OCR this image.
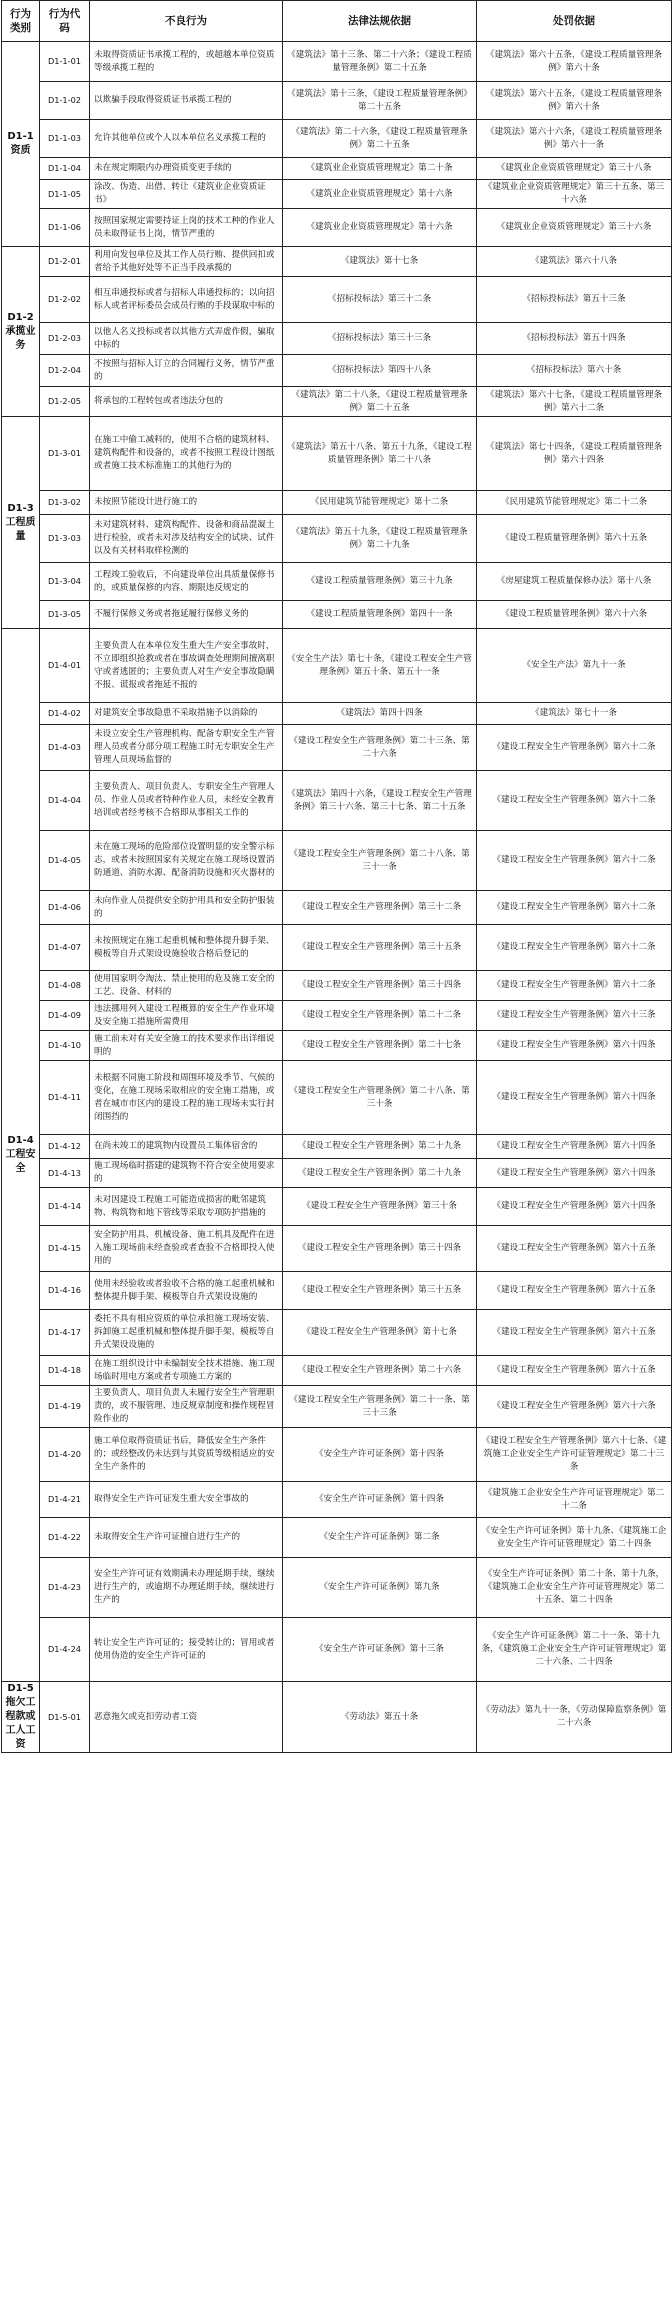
行为类别	行为代码	不良行为	法律法规依据	处罚依据
D1-1资质	D1-1-01	未取得资质证书承揽工程的，或超越本单位资质等级承揽工程的	《建筑法》第十三条、第二十六条；《建设工程质量管理条例》第二十五条	《建筑法》第六十五条，《建设工程质量管理条例》第六十条
	D1-1-02	以欺骗手段取得资质证书承揽工程的	《建筑法》第十三条，《建设工程质量管理条例》第二十五条	《建筑法》第六十五条，《建设工程质量管理条例》第六十条
	D1-1-03	允许其他单位或个人以本单位名义承揽工程的	《建筑法》第二十六条，《建设工程质量管理条例》第二十五条	《建筑法》第六十六条，《建设工程质量管理条例》第六十一条
	D1-1-04	未在规定期限内办理资质变更手续的	《建筑业企业资质管理规定》第二十条	《建筑业企业资质管理规定》第三十八条
	D1-1-05	涂改、伪造、出借、转让《建筑业企业资质证书》	《建筑业企业资质管理规定》第十六条	《建筑业企业资质管理规定》第三十五条、第三十六条
	D1-1-06	按照国家规定需要持证上岗的技术工种的作业人员未取得证书上岗，情节严重的	《建筑业企业资质管理规定》第十六条	《建筑业企业资质管理规定》第三十六条
D1-2承揽业务	D1-2-01	利用向发包单位及其工作人员行贿、提供回扣或者给予其他好处等不正当手段承揽的	《建筑法》第十七条	《建筑法》第六十八条
	D1-2-02	相互串通投标或者与招标人串通投标的；以向招标人或者评标委员会成员行贿的手段谋取中标的	《招标投标法》第三十二条	《招标投标法》第五十三条
	D1-2-03	以他人名义投标或者以其他方式弄虚作假，骗取中标的	《招标投标法》第三十三条	《招标投标法》第五十四条
	D1-2-04	不按照与招标人订立的合同履行义务，情节严重的	《招标投标法》第四十八条	《招标投标法》第六十条
	D1-2-05	将承包的工程转包或者违法分包的	《建筑法》第二十八条，《建设工程质量管理条例》第二十五条	《建筑法》第六十七条，《建设工程质量管理条例》第六十二条
D1-3工程质量	D1-3-01	在施工中偷工减料的，使用不合格的建筑材料、建筑构配件和设备的，或者不按照工程设计图纸或者施工技术标准施工的其他行为的	《建筑法》第五十八条、第五十九条，《建设工程质量管理条例》第二十八条	《建筑法》第七十四条，《建设工程质量管理条例》第六十四条
	D1-3-02	未按照节能设计进行施工的	《民用建筑节能管理规定》第十二条	《民用建筑节能管理规定》第二十二条
	D1-3-03	未对建筑材料、建筑构配件、设备和商品混凝土进行检验，或者未对涉及结构安全的试块、试件以及有关材料取样检测的	《建筑法》第五十九条，《建设工程质量管理条例》第二十九条	《建设工程质量管理条例》第六十五条
	D1-3-04	工程竣工验收后，不向建设单位出具质量保修书的，或质量保修的内容、期限违反规定的	《建设工程质量管理条例》第三十九条	《房屋建筑工程质量保修办法》第十八条
	D1-3-05	不履行保修义务或者拖延履行保修义务的	《建设工程质量管理条例》第四十一条	《建设工程质量管理条例》第六十六条
D1-4工程安全	D1-4-01	主要负责人在本单位发生重大生产安全事故时，不立即组织抢救或者在事故调查处理期间擅离职守或者逃匿的；主要负责人对生产安全事故隐瞒不报、谎报或者拖延不报的	《安全生产法》第七十条，《建设工程安全生产管理条例》第五十条、第五十一条	《安全生产法》第九十一条
	D1-4-02	对建筑安全事故隐患不采取措施予以消除的	《建筑法》第四十四条	《建筑法》第七十一条
	D1-4-03	未设立安全生产管理机构、配备专职安全生产管理人员或者分部分项工程施工时无专职安全生产管理人员现场监督的	《建设工程安全生产管理条例》第二十三条、第二十六条	《建设工程安全生产管理条例》第六十二条
	D1-4-04	主要负责人、项目负责人、专职安全生产管理人员、作业人员或者特种作业人员，未经安全教育培训或者经考核不合格即从事相关工作的	《建筑法》第四十六条，《建设工程安全生产管理条例》第三十六条、第三十七条、第二十五条	《建设工程安全生产管理条例》第六十二条
	D1-4-05	未在施工现场的危险部位设置明显的安全警示标志，或者未按照国家有关规定在施工现场设置消防通道、消防水源、配备消防设施和灭火器材的	《建设工程安全生产管理条例》第二十八条、第三十一条	《建设工程安全生产管理条例》第六十二条
	D1-4-06	未向作业人员提供安全防护用具和安全防护服装的	《建设工程安全生产管理条例》第三十二条	《建设工程安全生产管理条例》第六十二条
	D1-4-07	未按照规定在施工起重机械和整体提升脚手架、模板等自升式架设设施验收合格后登记的	《建设工程安全生产管理条例》第三十五条	《建设工程安全生产管理条例》第六十二条
	D1-4-08	使用国家明令淘汰、禁止使用的危及施工安全的工艺、设备、材料的	《建设工程安全生产管理条例》第三十四条	《建设工程安全生产管理条例》第六十二条
	D1-4-09	违法挪用列入建设工程概算的安全生产作业环境及安全施工措施所需费用	《建设工程安全生产管理条例》第二十二条	《建设工程安全生产管理条例》第六十三条
	D1-4-10	施工前未对有关安全施工的技术要求作出详细说明的	《建设工程安全生产管理条例》第二十七条	《建设工程安全生产管理条例》第六十四条
	D1-4-11	未根据不同施工阶段和周围环境及季节、气候的变化，在施工现场采取相应的安全施工措施，或者在城市市区内的建设工程的施工现场未实行封闭围挡的	《建设工程安全生产管理条例》第二十八条、第三十条	《建设工程安全生产管理条例》第六十四条
	D1-4-12	在尚未竣工的建筑物内设置员工集体宿舍的	《建设工程安全生产管理条例》第二十九条	《建设工程安全生产管理条例》第六十四条
	D1-4-13	施工现场临时搭建的建筑物不符合安全使用要求的	《建设工程安全生产管理条例》第二十九条	《建设工程安全生产管理条例》第六十四条
	D1-4-14	未对因建设工程施工可能造成损害的毗邻建筑物、构筑物和地下管线等采取专项防护措施的	《建设工程安全生产管理条例》第三十条	《建设工程安全生产管理条例》第六十四条
	D1-4-15	安全防护用具、机械设备、施工机具及配件在进入施工现场前未经查验或者查验不合格即投入使用的	《建设工程安全生产管理条例》第三十四条	《建设工程安全生产管理条例》第六十五条
	D1-4-16	使用未经验收或者验收不合格的施工起重机械和整体提升脚手架、模板等自升式架设设施的	《建设工程安全生产管理条例》第三十五条	《建设工程安全生产管理条例》第六十五条
	D1-4-17	委托不具有相应资质的单位承担施工现场安装、拆卸施工起重机械和整体提升脚手架、模板等自升式架设设施的	《建设工程安全生产管理条例》第十七条	《建设工程安全生产管理条例》第六十五条
	D1-4-18	在施工组织设计中未编制安全技术措施、施工现场临时用电方案或者专项施工方案的	《建设工程安全生产管理条例》第二十六条	《建设工程安全生产管理条例》第六十五条
	D1-4-19	主要负责人、项目负责人未履行安全生产管理职责的，或不服管理、违反规章制度和操作规程冒险作业的	《建设工程安全生产管理条例》第二十一条、第三十三条	《建设工程安全生产管理条例》第六十六条
	D1-4-20	施工单位取得资质证书后，降低安全生产条件的；或经整改仍未达到与其资质等级相适应的安全生产条件的	《安全生产许可证条例》第十四条	《建设工程安全生产管理条例》第六十七条、《建筑施工企业安全生产许可证管理规定》第二十三条
	D1-4-21	取得安全生产许可证发生重大安全事故的	《安全生产许可证条例》第十四条	《建筑施工企业安全生产许可证管理规定》第二十二条
	D1-4-22	未取得安全生产许可证擅自进行生产的	《安全生产许可证条例》第二条	《安全生产许可证条例》第十九条、《建筑施工企业安全生产许可证管理规定》第二十四条
	D1-4-23	安全生产许可证有效期满未办理延期手续，继续进行生产的，或逾期不办理延期手续，继续进行生产的	《安全生产许可证条例》第九条	《安全生产许可证条例》第二十条、第十九条，《建筑施工企业安全生产许可证管理规定》第二十五条、第二十四条
	D1-4-24	转让安全生产许可证的；接受转让的；冒用或者使用伪造的安全生产许可证的	《安全生产许可证条例》第十三条	《安全生产许可证条例》第二十一条、第十九条，《建筑施工企业安全生产许可证管理规定》第二十六条、二十四条
D1-5拖欠工程款或工人工资	D1-5-01	恶意拖欠或克扣劳动者工资	《劳动法》第五十条	《劳动法》第九十一条，《劳动保障监察条例》第二十六条
